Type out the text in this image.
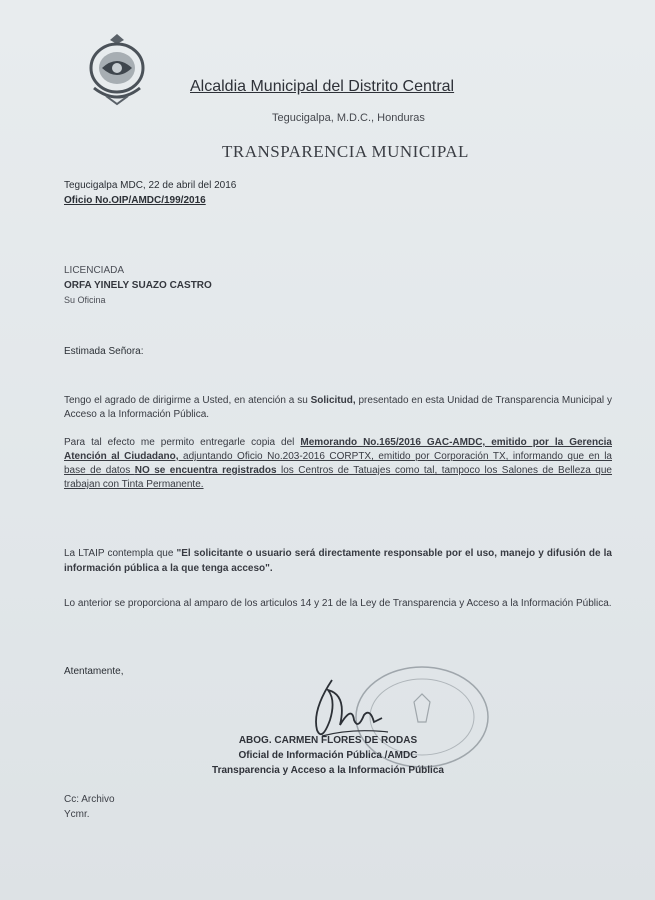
Alcaldia Municipal del Distrito Central
Tegucigalpa, M.D.C., Honduras
TRANSPARENCIA MUNICIPAL
Tegucigalpa MDC, 22 de abril del 2016
Oficio No.OIP/AMDC/199/2016
LICENCIADA
ORFA YINELY SUAZO CASTRO
Su Oficina
Estimada Señora:
Tengo el agrado de dirigirme a Usted, en atención a su Solicitud, presentado en esta Unidad de Transparencia Municipal y Acceso a la Información Pública.
Para tal efecto me permito entregarle copia del Memorando No.165/2016 GAC-AMDC, emitido por la Gerencia Atención al Ciudadano, adjuntando Oficio No.203-2016 CORPTX, emitido por Corporación TX, informando que en la base de datos NO se encuentra registrados los Centros de Tatuajes como tal, tampoco los Salones de Belleza que trabajan con Tinta Permanente.
La LTAIP contempla que "El solicitante o usuario será directamente responsable por el uso, manejo y difusión de la información pública a la que tenga acceso".
Lo anterior se proporciona al amparo de los articulos 14 y 21 de la Ley de Transparencia y Acceso a la Información Pública.
Atentamente,
ABOG. CARMEN FLORES DE RODAS
Oficial de Información Pública /AMDC
Transparencia y Acceso a la Información Pública
Cc: Archivo
Ycmr.
